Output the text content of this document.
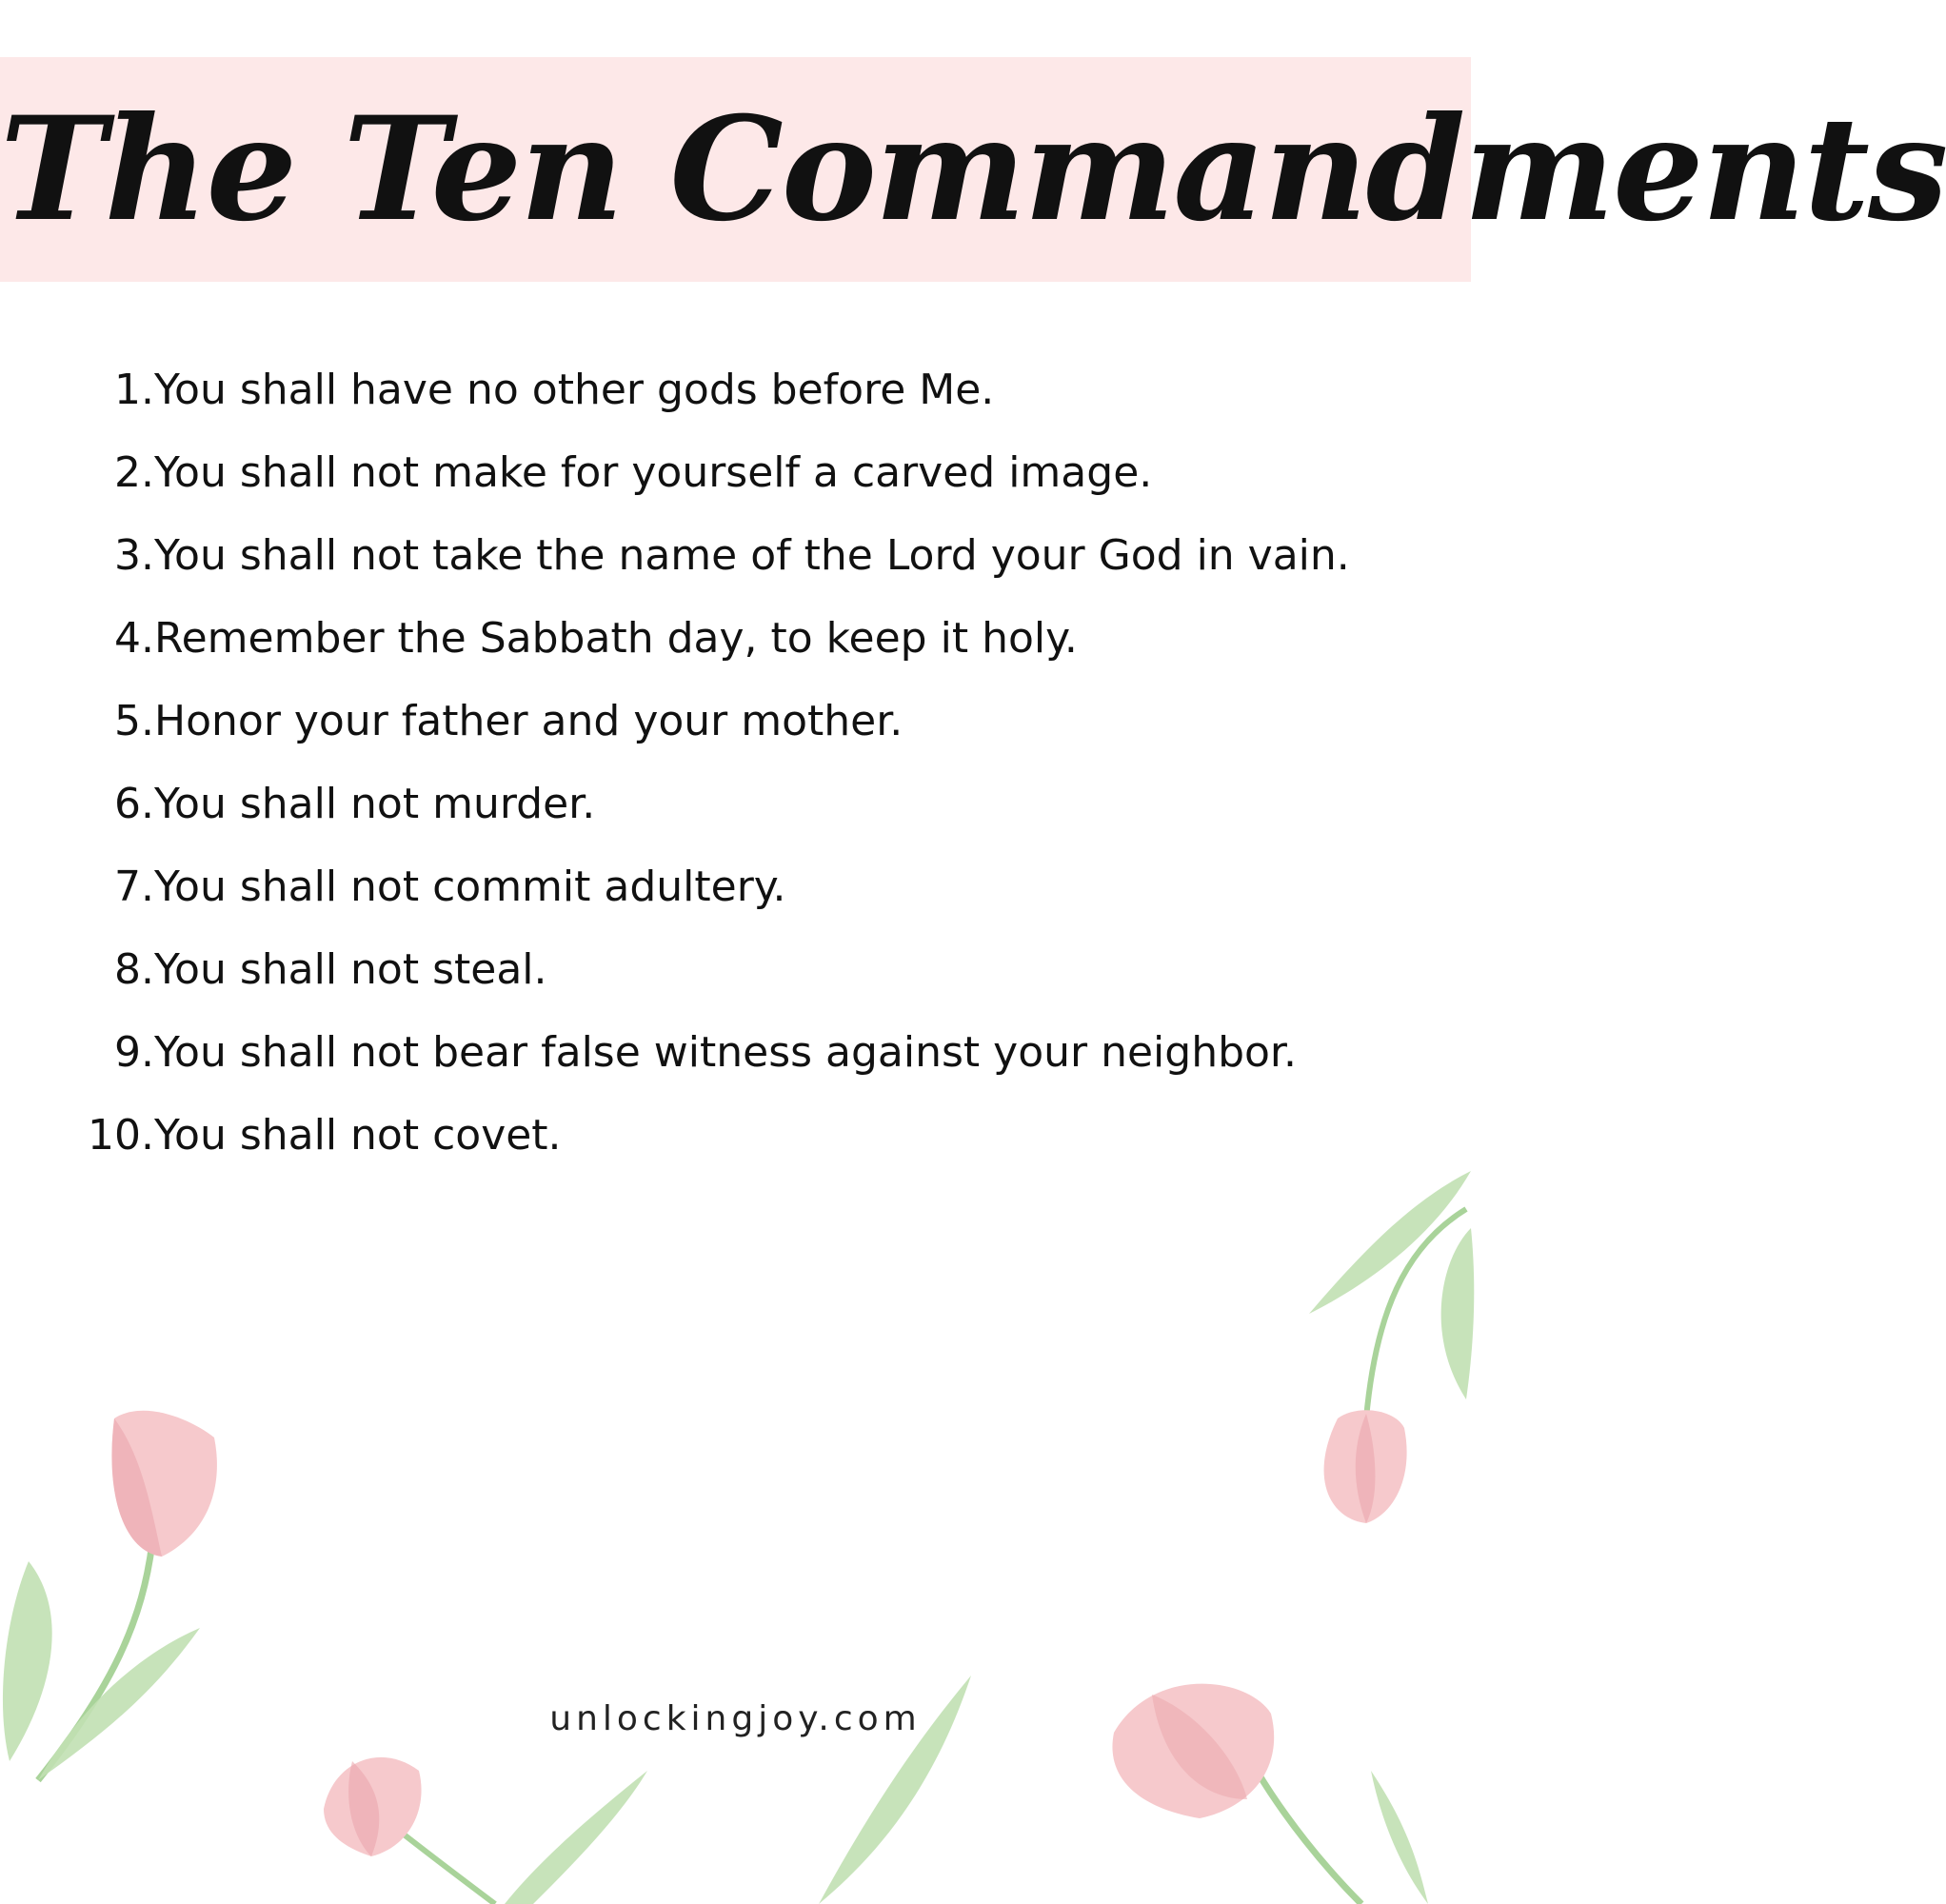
The Ten Commandments
1.You shall have no other gods before Me.
2.You shall not make for yourself a carved image.
3.You shall not take the name of the Lord your God in vain.
4.Remember the Sabbath day, to keep it holy.
5.Honor your father and your mother.
6.You shall not murder.
7.You shall not commit adultery.
8.You shall not steal.
9.You shall not bear false witness against your neighbor.
10.You shall not covet.
unlockingjoy.com
